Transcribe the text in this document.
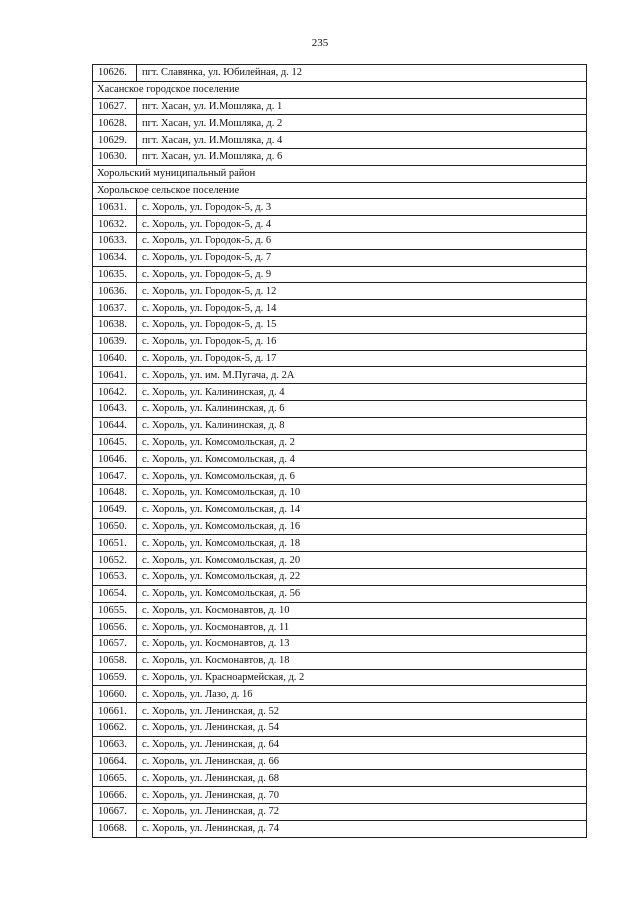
235
10626.	пгт. Славянка, ул. Юбилейная, д. 12
Хасанское городское поселение	
10627.	пгт. Хасан, ул. И.Мошляка, д. 1
10628.	пгт. Хасан, ул. И.Мошляка, д. 2
10629.	пгт. Хасан, ул. И.Мошляка, д. 4
10630.	пгт. Хасан, ул. И.Мошляка, д. 6
Хорольский муниципальный район	
Хорольское сельское поселение	
10631.	с. Хороль, ул. Городок-5, д. 3
10632.	с. Хороль, ул. Городок-5, д. 4
10633.	с. Хороль, ул. Городок-5, д. 6
10634.	с. Хороль, ул. Городок-5, д. 7
10635.	с. Хороль, ул. Городок-5, д. 9
10636.	с. Хороль, ул. Городок-5, д. 12
10637.	с. Хороль, ул. Городок-5, д. 14
10638.	с. Хороль, ул. Городок-5, д. 15
10639.	с. Хороль, ул. Городок-5, д. 16
10640.	с. Хороль, ул. Городок-5, д. 17
10641.	с. Хороль, ул. им. М.Пугача, д. 2А
10642.	с. Хороль, ул. Калининская, д. 4
10643.	с. Хороль, ул. Калининская, д. 6
10644.	с. Хороль, ул. Калининская, д. 8
10645.	с. Хороль, ул. Комсомольская, д. 2
10646.	с. Хороль, ул. Комсомольская, д. 4
10647.	с. Хороль, ул. Комсомольская, д. 6
10648.	с. Хороль, ул. Комсомольская, д. 10
10649.	с. Хороль, ул. Комсомольская, д. 14
10650.	с. Хороль, ул. Комсомольская, д. 16
10651.	с. Хороль, ул. Комсомольская, д. 18
10652.	с. Хороль, ул. Комсомольская, д. 20
10653.	с. Хороль, ул. Комсомольская, д. 22
10654.	с. Хороль, ул. Комсомольская, д. 56
10655.	с. Хороль, ул. Космонавтов, д. 10
10656.	с. Хороль, ул. Космонавтов, д. 11
10657.	с. Хороль, ул. Космонавтов, д. 13
10658.	с. Хороль, ул. Космонавтов, д. 18
10659.	с. Хороль, ул. Красноармейская, д. 2
10660.	с. Хороль, ул. Лазо, д. 16
10661.	с. Хороль, ул. Ленинская, д. 52
10662.	с. Хороль, ул. Ленинская, д. 54
10663.	с. Хороль, ул. Ленинская, д. 64
10664.	с. Хороль, ул. Ленинская, д. 66
10665.	с. Хороль, ул. Ленинская, д. 68
10666.	с. Хороль, ул. Ленинская, д. 70
10667.	с. Хороль, ул. Ленинская, д. 72
10668.	с. Хороль, ул. Ленинская, д. 74
